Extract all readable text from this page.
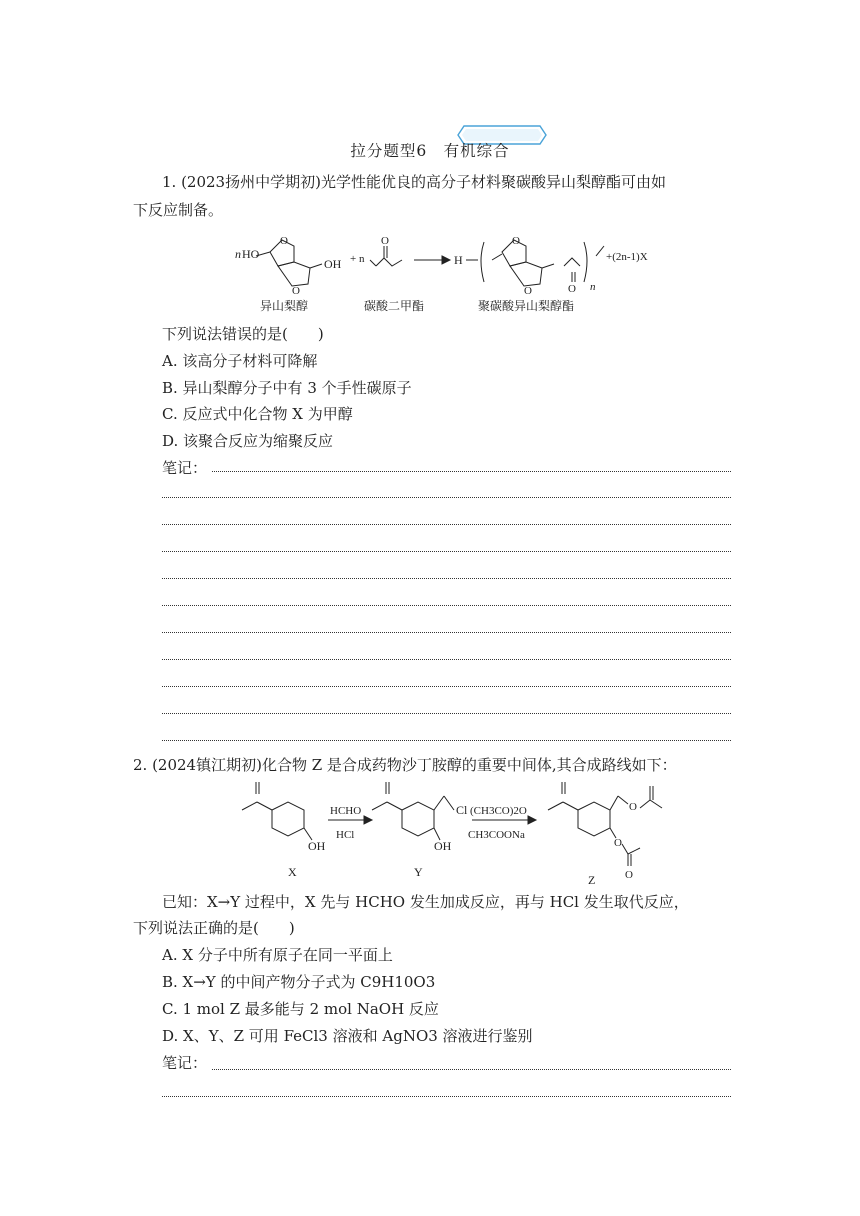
拉分题型6　有机综合
1. (2023扬州中学期初)光学性能优良的高分子材料聚碳酸异山梨醇酯可由如
下反应制备。
n HO
OH
O
O
+ n
O
H
O
O	O n
+(2n-1)X
异山梨醇	碳酸二甲酯	聚碳酸异山梨醇酯
下列说法错误的是(　　)
A. 该高分子材料可降解
B. 异山梨醇分子中有 3 个手性碳原子
C. 反应式中化合物 X 为甲醇
D. 该聚合反应为缩聚反应
笔记：
2. (2024镇江期初)化合物 Z 是合成药物沙丁胺醇的重要中间体,其合成路线如下：
OH
HCHO
HCl
Cl
OH
(CH3CO)2O
CH3COONa
O
O
O
X	Y
Z
已知：X→Y 过程中，X 先与 HCHO 发生加成反应，再与 HCl 发生取代反应，
下列说法正确的是(　　)
A. X 分子中所有原子在同一平面上
B. X→Y 的中间产物分子式为 C9H10O3
C. 1 mol Z 最多能与 2 mol NaOH 反应
D. X、Y、Z 可用 FeCl3 溶液和 AgNO3 溶液进行鉴别
笔记：
